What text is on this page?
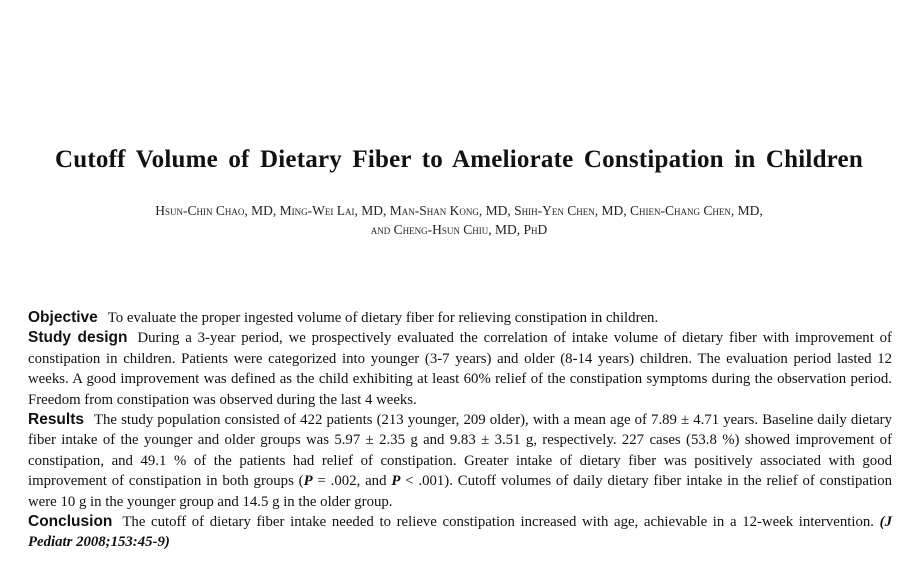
Cutoff Volume of Dietary Fiber to Ameliorate Constipation in Children
Hsun-Chin Chao, MD, Ming-Wei Lai, MD, Man-Shan Kong, MD, Shih-Yen Chen, MD, Chien-Chang Chen, MD,
and Cheng-Hsun Chiu, MD, PhD

Objective To evaluate the proper ingested volume of dietary fiber for relieving constipation in children.

Study design During a 3-year period, we prospectively evaluated the correlation of intake volume of dietary fiber with improvement of constipation in children. Patients were categorized into younger (3-7 years) and older (8-14 years) children. The evaluation period lasted 12 weeks. A good improvement was defined as the child exhibiting at least 60% relief of the constipation symptoms during the observation period. Freedom from constipation was observed during the last 4 weeks.

Results The study population consisted of 422 patients (213 younger, 209 older), with a mean age of 7.89 ± 4.71 years. Baseline daily dietary fiber intake of the younger and older groups was 5.97 ± 2.35 g and 9.83 ± 3.51 g, respectively. 227 cases (53.8 %) showed improvement of constipation, and 49.1 % of the patients had relief of constipation. Greater intake of dietary fiber was positively associated with good improvement of constipation in both groups (P = .002, and P < .001). Cutoff volumes of daily dietary fiber intake in the relief of constipation were 10 g in the younger group and 14.5 g in the older group.

Conclusion The cutoff of dietary fiber intake needed to relieve constipation increased with age, achievable in a 12-week intervention. (J Pediatr 2008;153:45-9)
